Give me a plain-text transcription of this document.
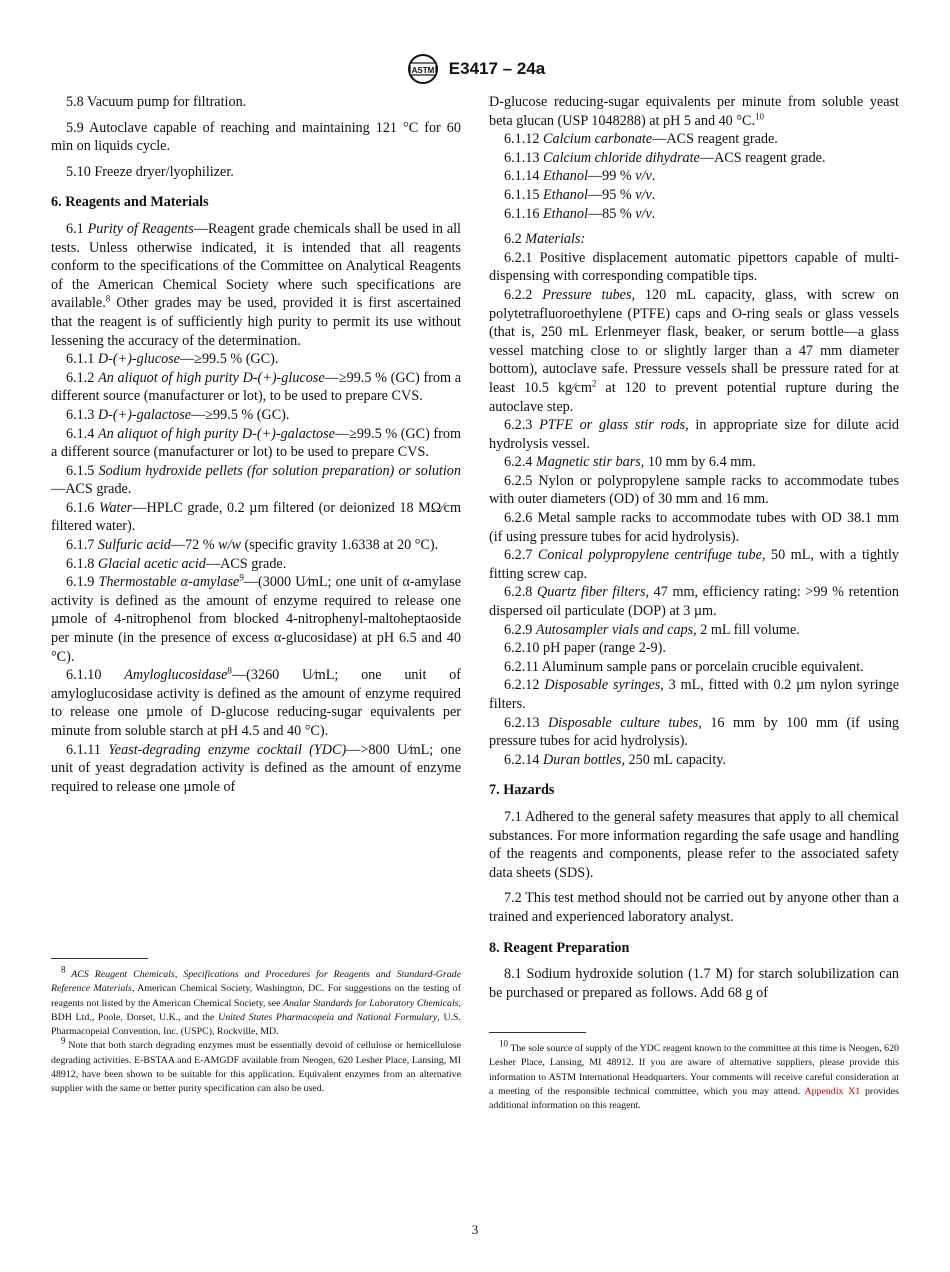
ASTM E3417 – 24a

5.8 Vacuum pump for filtration.

5.9 Autoclave capable of reaching and maintaining 121 °C for 60 min on liquids cycle.

5.10 Freeze dryer/lyophilizer.

6. Reagents and Materials

6.1 Purity of Reagents—Reagent grade chemicals shall be used in all tests. Unless otherwise indicated, it is intended that all reagents conform to the specifications of the Committee on Analytical Reagents of the American Chemical Society where such specifications are available.$^8$ Other grades may be used, provided it is first ascertained that the reagent is of sufficiently high purity to permit its use without lessening the accuracy of the determination.

6.1.1 D-(+)-glucose—≥99.5 % (GC).

6.1.2 An aliquot of high purity D-(+)-glucose—≥99.5 % (GC) from a different source (manufacturer or lot), to be used to prepare CVS.

6.1.3 D-(+)-galactose—≥99.5 % (GC).

6.1.4 An aliquot of high purity D-(+)-galactose—≥99.5 % (GC) from a different source (manufacturer or lot) to be used to prepare CVS.

6.1.5 Sodium hydroxide pellets (for solution preparation) or solution—ACS grade.

6.1.6 Water—HPLC grade, 0.2 µm filtered (or deionized 18 MΩ⁄cm filtered water).

6.1.7 Sulfuric acid—72 % w/w (specific gravity 1.6338 at 20 °C).

6.1.8 Glacial acetic acid—ACS grade.

6.1.9 Thermostable α-amylase$^9$—(3000 U⁄mL; one unit of α-amylase activity is defined as the amount of enzyme required to release one µmole of 4-nitrophenol from blocked 4-nitrophenyl-maltoheptaoside per minute (in the presence of excess α-glucosidase) at pH 6.5 and 40 °C).

6.1.10 Amyloglucosidase$^8$—(3260 U⁄mL; one unit of amyloglucosidase activity is defined as the amount of enzyme required to release one µmole of D-glucose reducing-sugar equivalents per minute from soluble starch at pH 4.5 and 40 °C).

6.1.11 Yeast-degrading enzyme cocktail (YDC)—>800 U⁄mL; one unit of yeast degradation activity is defined as the amount of enzyme required to release one µmole of

$^8$ ACS Reagent Chemicals, Specifications and Procedures for Reagents and Standard-Grade Reference Materials, American Chemical Society, Washington, DC. For suggestions on the testing of reagents not listed by the American Chemical Society, see Analar Standards for Laboratory Chemicals, BDH Ltd., Poole, Dorset, U.K., and the United States Pharmacopeia and National Formulary, U.S. Pharmacopeial Convention, Inc. (USPC), Rockville, MD.

$^9$ Note that both starch degrading enzymes must be essentially devoid of cellulose or hemicellulose degrading activities. E-BSTAA and E-AMGDF available from Neogen, 620 Lesher Place, Lansing, MI 48912, have been shown to be suitable for this application. Equivalent enzymes from an alternative supplier with the same or better purity specification can also be used.

D-glucose reducing-sugar equivalents per minute from soluble yeast beta glucan (USP 1048288) at pH 5 and 40 °C.$^{10}$

6.1.12 Calcium carbonate—ACS reagent grade.

6.1.13 Calcium chloride dihydrate—ACS reagent grade.

6.1.14 Ethanol—99 % v/v.

6.1.15 Ethanol—95 % v/v.

6.1.16 Ethanol—85 % v/v.

6.2 Materials:

6.2.1 Positive displacement automatic pipettors capable of multi-dispensing with corresponding compatible tips.

6.2.2 Pressure tubes, 120 mL capacity, glass, with screw on polytetrafluoroethylene (PTFE) caps and O-ring seals or glass vessels (that is, 250 mL Erlenmeyer flask, beaker, or serum bottle—a glass vessel matching close to or slightly larger than a 47 mm diameter bottom), autoclave safe. Pressure vessels shall be pressure rated for at least 10.5 $kg⁄cm^2$ at 120 to prevent potential rupture during the autoclave step.

6.2.3 PTFE or glass stir rods, in appropriate size for dilute acid hydrolysis vessel.

6.2.4 Magnetic stir bars, 10 mm by 6.4 mm.

6.2.5 Nylon or polypropylene sample racks to accommodate tubes with outer diameters (OD) of 30 mm and 16 mm.

6.2.6 Metal sample racks to accommodate tubes with OD 38.1 mm (if using pressure tubes for acid hydrolysis).

6.2.7 Conical polypropylene centrifuge tube, 50 mL, with a tightly fitting screw cap.

6.2.8 Quartz fiber filters, 47 mm, efficiency rating: >99 % retention dispersed oil particulate (DOP) at 3 µm.

6.2.9 Autosampler vials and caps, 2 mL fill volume.

6.2.10 pH paper (range 2-9).

6.2.11 Aluminum sample pans or porcelain crucible equivalent.

6.2.12 Disposable syringes, 3 mL, fitted with 0.2 µm nylon syringe filters.

6.2.13 Disposable culture tubes, 16 mm by 100 mm (if using pressure tubes for acid hydrolysis).

6.2.14 Duran bottles, 250 mL capacity.

7. Hazards

7.1 Adhered to the general safety measures that apply to all chemical substances. For more information regarding the safe usage and handling of the reagents and components, please refer to the associated safety data sheets (SDS).

7.2 This test method should not be carried out by anyone other than a trained and experienced laboratory analyst.

8. Reagent Preparation

8.1 Sodium hydroxide solution (1.7 M) for starch solubilization can be purchased or prepared as follows. Add 68 g of

$^{10}$ The sole source of supply of the YDC reagent known to the committee at this time is Neogen, 620 Lesher Place, Lansing, MI 48912. If you are aware of alternative suppliers, please provide this information to ASTM International Headquarters. Your comments will receive careful consideration at a meeting of the responsible technical committee, which you may attend. Appendix X1 provides additional information on this reagent.

3
